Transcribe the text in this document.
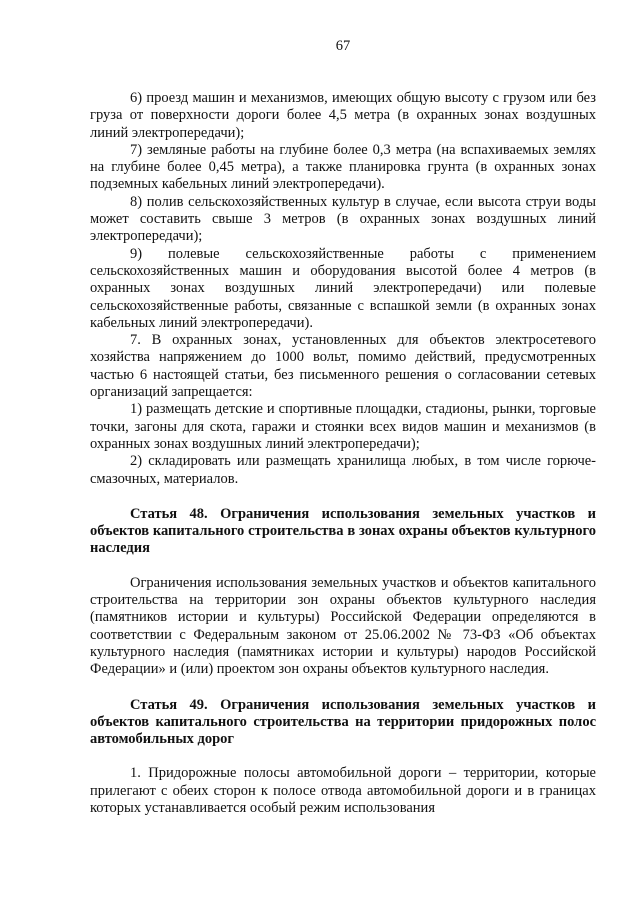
67

6) проезд машин и механизмов, имеющих общую высоту с грузом или без груза от поверхности дороги более 4,5 метра (в охранных зонах воздушных линий электропередачи);

7) земляные работы на глубине более 0,3 метра (на вспахиваемых землях на глубине более 0,45 метра), а также планировка грунта (в охранных зонах подземных кабельных линий электропередачи).

8) полив сельскохозяйственных культур в случае, если высота струи воды может составить свыше 3 метров (в охранных зонах воздушных линий электропередачи);

9) полевые сельскохозяйственные работы с применением сельскохозяйственных машин и оборудования высотой более 4 метров (в охранных зонах воздушных линий электропередачи) или полевые сельскохозяйственные работы, связанные с вспашкой земли (в охранных зонах кабельных линий электропередачи).

7. В охранных зонах, установленных для объектов электросетевого хозяйства напряжением до 1000 вольт, помимо действий, предусмотренных частью 6 настоящей статьи, без письменного решения о согласовании сетевых организаций запрещается:

1) размещать детские и спортивные площадки, стадионы, рынки, торговые точки, загоны для скота, гаражи и стоянки всех видов машин и механизмов (в охранных зонах воздушных линий электропередачи);

2) складировать или размещать хранилища любых, в том числе горюче-смазочных, материалов.

Статья 48. Ограничения использования земельных участков и объектов капитального строительства в зонах охраны объектов культурного наследия

Ограничения использования земельных участков и объектов капитального строительства на территории зон охраны объектов культурного наследия (памятников истории и культуры) Российской Федерации определяются в соответствии с Федеральным законом от 25.06.2002 № 73-ФЗ «Об объектах культурного наследия (памятниках истории и культуры) народов Российской Федерации» и (или) проектом зон охраны объектов культурного наследия.

Статья 49. Ограничения использования земельных участков и объектов капитального строительства на территории придорожных полос автомобильных дорог

1. Придорожные полосы автомобильной дороги – территории, которые прилегают с обеих сторон к полосе отвода автомобильной дороги и в границах которых устанавливается особый режим использования
